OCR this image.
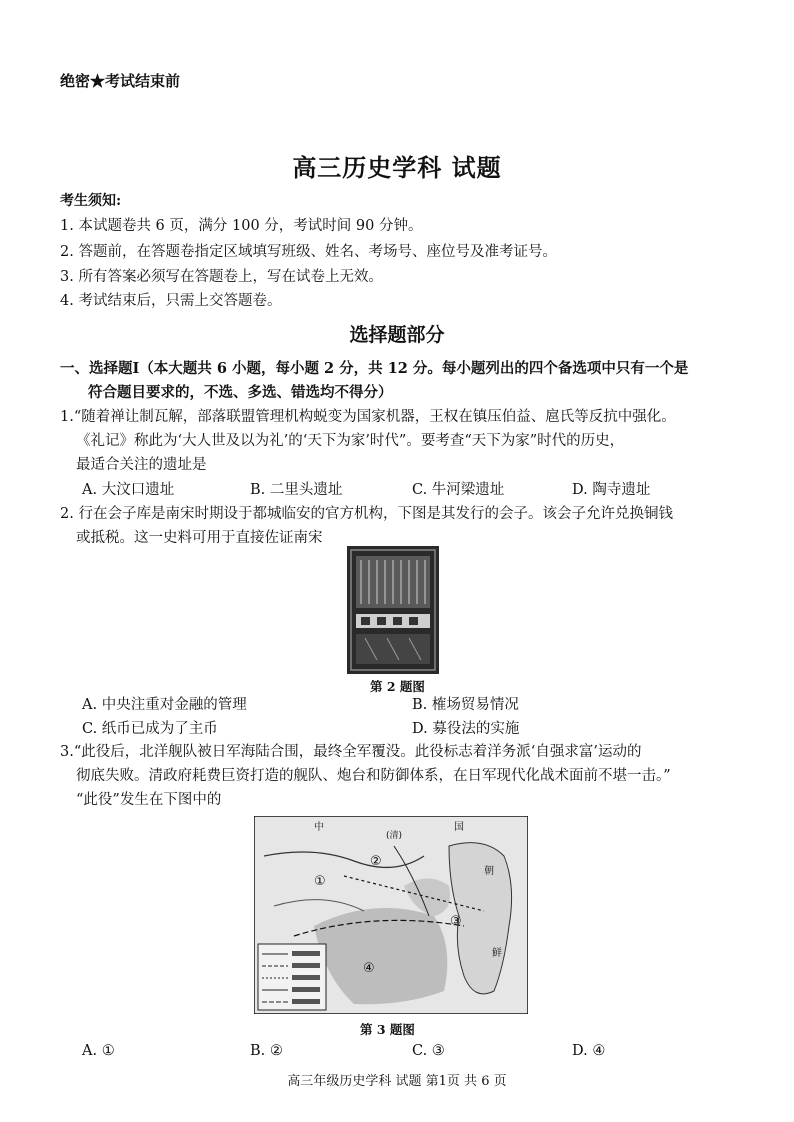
绝密★考试结束前
高三历史学科 试题
考生须知:
1. 本试题卷共 6 页，满分 100 分，考试时间 90 分钟。
2. 答题前，在答题卷指定区域填写班级、姓名、考场号、座位号及准考证号。
3. 所有答案必须写在答题卷上，写在试卷上无效。
4. 考试结束后，只需上交答题卷。
选择题部分
一、选择题Ⅰ（本大题共 6 小题，每小题 2 分，共 12 分。每小题列出的四个备选项中只有一个是

符合题目要求的，不选、多选、错选均不得分）
1.“随着禅让制瓦解，部落联盟管理机构蜕变为国家机器，王权在镇压伯益、扈氏等反抗中强化。
《礼记》称此为‘大人世及以为礼’的‘天下为家’时代”。要考查“天下为家”时代的历史，
最适合关注的遗址是
A. 大汶口遗址	B. 二里头遗址	C. 牛河梁遗址	D. 陶寺遗址
2. 行在会子库是南宋时期设于都城临安的官方机构，下图是其发行的会子。该会子允许兑换铜钱
或抵税。这一史料可用于直接佐证南宋
第 2 题图
A. 中央注重对金融的管理	B. 榷场贸易情况
C. 纸币已成为了主币	D. 募役法的实施
3.“此役后，北洋舰队被日军海陆合围，最终全军覆没。此役标志着洋务派‘自强求富’运动的
彻底失败。清政府耗费巨资打造的舰队、炮台和防御体系，在日军现代化战术面前不堪一击。”
“此役”发生在下图中的
中
(清)
国
朝
鲜
①
②
③
④
第 3 题图
A. ①	B. ②	C. ③	D. ④
高三年级历史学科 试题 第1页 共 6 页
